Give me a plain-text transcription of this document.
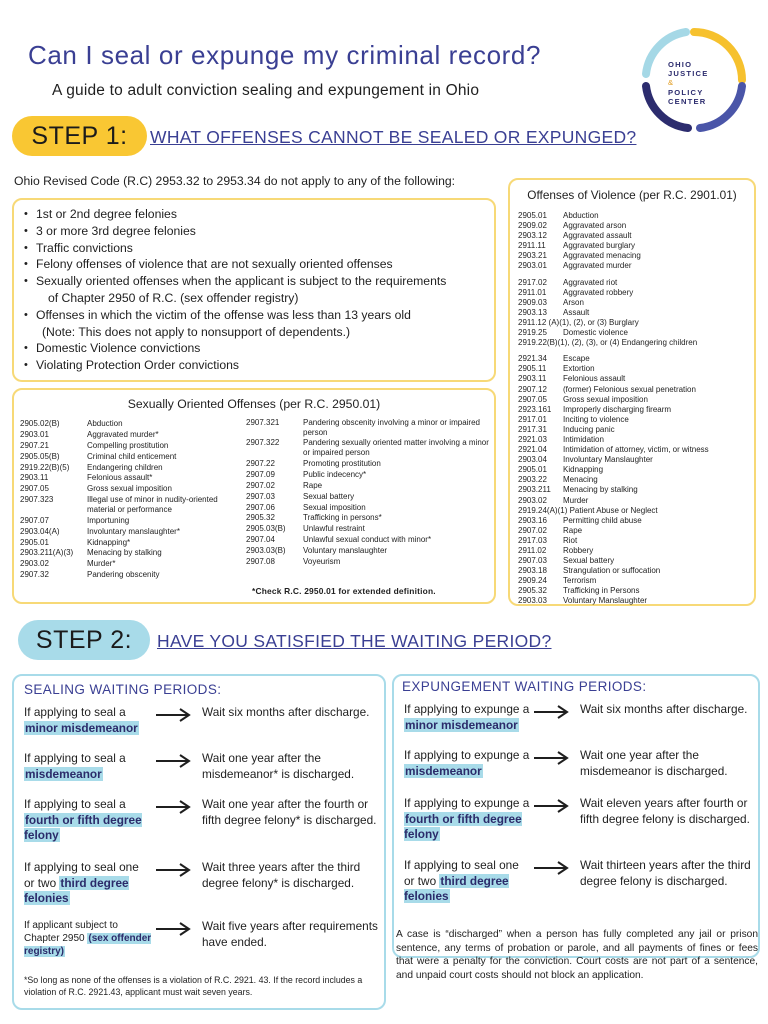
Can I seal or expunge my criminal record?
A guide to adult conviction sealing and expungement in Ohio
OHIO
JUSTICE
&
POLICY
CENTER
STEP 1:	WHAT OFFENSES CANNOT BE SEALED OR EXPUNGED?
Ohio Revised Code (R.C) 2953.32 to 2953.34 do not apply to any of the following:
• 1st or 2nd degree felonies
• 3 or more 3rd degree felonies
• Traffic convictions
• Felony offenses of violence that are not sexually oriented offenses
• Sexually oriented offenses when the applicant is subject to the requirements
of Chapter 2950 of R.C. (sex offender registry)
• Offenses in which the victim of the offense was less than 13 years old
(Note: This does not apply to nonsupport of dependents.)
• Domestic Violence convictions
• Violating Protection Order convictions
Offenses of Violence (per R.C. 2901.01)
2905.01	Abduction
2909.02	Aggravated arson
2903.12	Aggravated assault
2911.11	Aggravated burglary
2903.21	Aggravated menacing
2903.01	Aggravated murder
2917.02	Aggravated riot
2911.01	Aggravated robbery
2909.03	Arson
2903.13	Assault
2911.12 (A)(1), (2), or (3) Burglary
2919.25	Domestic violence
2919.22(B)(1), (2), (3), or (4) Endangering children
2921.34	Escape
2905.11	Extortion
2903.11	Felonious assault
2907.12	(former) Felonious sexual penetration
2907.05	Gross sexual imposition
2923.161	Improperly discharging firearm
2917.01	Inciting to violence
2917.31	Inducing panic
2921.03	Intimidation
2921.04	Intimidation of attorney, victim, or witness
2903.04	Involuntary Manslaughter
2905.01	Kidnapping
2903.22	Menacing
2903.211	Menacing by stalking
2903.02	Murder
2919.24(A)(1) Patient Abuse or Neglect
2903.16	Permitting child abuse
2907.02	Rape
2917.03	Riot
2911.02	Robbery
2907.03	Sexual battery
2903.18	Strangulation or suffocation
2909.24	Terrorism
2905.32	Trafficking in Persons
2903.03	Voluntary Manslaughter
Sexually Oriented Offenses (per R.C. 2950.01)
2905.02(B)	Abduction
2903.01	Aggravated murder*
2907.21	Compelling prostitution
2905.05(B)	Criminal child enticement
2919.22(B)(5)	Endangering children
2903.11	Felonious assault*
2907.05	Gross sexual imposition
2907.323	Illegal use of minor in nudity-oriented material or performance
2907.07	Importuning
2903.04(A)	Involuntary manslaughter*
2905.01	Kidnapping*
2903.211(A)(3)	Menacing by stalking
2903.02	Murder*
2907.32	Pandering obscenity
2907.321	Pandering obscenity involving a minor or impaired person
2907.322	Pandering sexually oriented matter involving a minor or impaired person
2907.22	Promoting prostitution
2907.09	Public indecency*
2907.02	Rape
2907.03	Sexual battery
2907.06	Sexual imposition
2905.32	Trafficking in persons*
2905.03(B)	Unlawful restraint
2907.04	Unlawful sexual conduct with minor*
2903.03(B)	Voluntary manslaughter
2907.08	Voyeurism
*Check R.C. 2950.01 for extended definition.
STEP 2:	HAVE YOU SATISFIED THE WAITING PERIOD?
SEALING WAITING PERIODS:
If applying to seal a minor misdemeanor
Wait six months after discharge.
If applying to seal a misdemeanor
Wait one year after the misdemeanor* is discharged.
If applying to seal a fourth or fifth degree felony
Wait one year after the fourth or fifth degree felony* is discharged.
If applying to seal one or two third degree felonies
Wait three years after the third degree felony* is discharged.
If applicant subject to Chapter 2950 (sex offender registry)
Wait five years after requirements have ended.
*So long as none of the offenses is a violation of R.C. 2921. 43. If the record includes a violation of R.C. 2921.43, applicant must wait seven years.
EXPUNGEMENT WAITING PERIODS:
If applying to expunge a minor misdemeanor
Wait six months after discharge.
If applying to expunge a misdemeanor
Wait one year after the misdemeanor is discharged.
If applying to expunge a fourth or fifth degree felony
Wait eleven years after fourth or fifth degree felony is discharged.
If applying to seal one or two third degree felonies
Wait thirteen years after the third degree felony is discharged.
A case is “discharged” when a person has fully completed any jail or prison sentence, any terms of probation or parole, and all payments of fines or fees that were a penalty for the conviction. Court costs are not part of a sentence, and unpaid court costs should not block an application.
